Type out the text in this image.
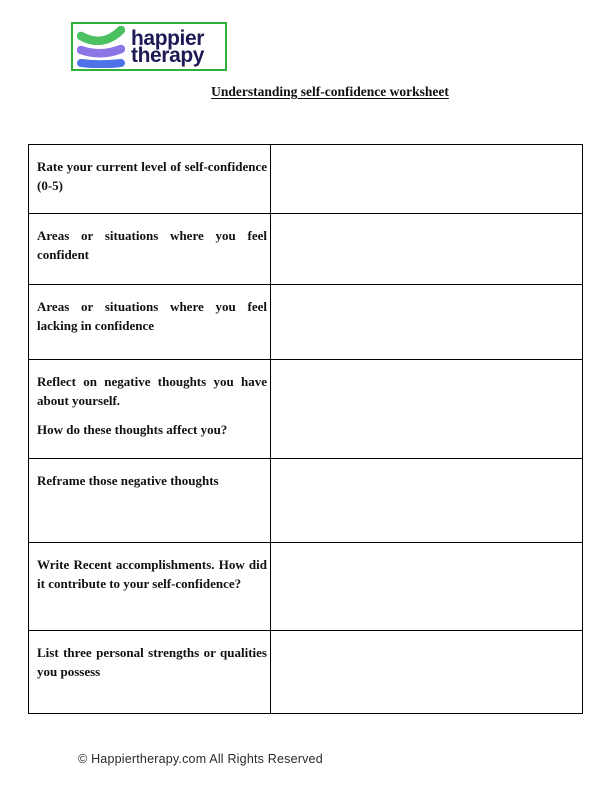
happier
therapy
Understanding self-confidence worksheet

Rate your current level of self‑confidence (0‑5)	

Areas or situations where you feel confident	

Areas or situations where you feel lacking in confidence	

Reflect on negative thoughts you have about yourself.

How do these thoughts affect you?	

Reframe those negative thoughts	

Write Recent accomplishments. How did it contribute to your self‑confidence?	

List three personal strengths or qualities you possess	

© Happiertherapy.com All Rights Reserved
